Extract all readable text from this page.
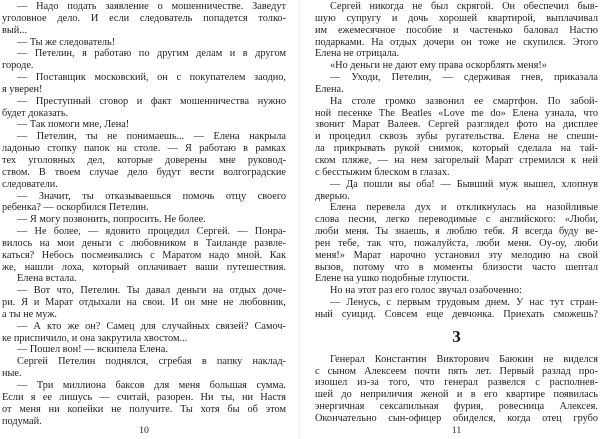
— Надо подать заявление о мошенничестве. Заведут
уголовное дело. И если следователь попадется толко-
вый...
— Ты же следователь!
— Петелин, я работаю по другим делам и в другом
городе.
— Поставщик московский, он с покупателем заодно,
я уверен!
— Преступный сговор и факт мошенничества нужно
будет доказать.
— Так помоги мне, Лена!
— Петелин, ты не понимаешь... — Елена накрыла
ладонью стопку папок на столе. — Я работаю в рамках
тех уголовных дел, которые доверены мне руковод-
ством. В твоем случае дело будут вести волгоградские
следователи.
— Значит, ты отказываешься помочь отцу своего
ребенка? — оскорбился Петелин.
— Я могу позвонить, попросить. Не более.
— Не более, — ядовито процедил Сергей. — Понра-
вилось на мои деньги с любовником в Таиланде развле-
каться? Небось посмеивались с Маратом надо мной. Как
же, нашли лоха, который оплачивает ваши путешествия.
Елена встала.
— Вот что, Петелин. Ты давал деньги на отдых доче-
ри. Я и Марат отдыхали на свои. И он мне не любовник,
а ты не муж.
— А кто же он? Самец для случайных связей? Самоч-
ке приспичило, и она закрутила хвостом...
— Пошел вон! — вскипела Елена.
Сергей Петелин поднялся, сгребая в папку наклад-
ные.
— Три миллиона баксов для меня большая сумма.
Если я ее лишусь — считай, разорен. Ни ты, ни Настя
от меня ни копейки не получите. Ты хотя бы об этом
подумай.
10
Сергей никогда не был скрягой. Он обеспечил быв-
шую супругу и дочь хорошей квартирой, выплачивал
им ежемесячное пособие и частенько баловал Настю
подарками. На отдых дочери он тоже не скупился. Этого
Елена не отрицала.
«Но деньги не дают ему права оскорблять меня!»
— Уходи, Петелин, — сдерживая гнев, приказала
Елена.
На столе громко зазвонил ее смартфон. По забой-
ной песенке The Beatles «Love me do» Елена узнала, что
звонит Марат Валеев. Сергей разглядел фото на дисплее
и процедил сквозь зубы ругательства. Елена не спеши-
ла прикрывать рукой снимок, который сделала на тай-
ском пляже, — на нем загорелый Марат стремился к ней
с бесстыжим блеском в глазах.
— Да пошли вы оба! — Бывший муж вышел, хлопнув
дверью.
Елена перевела дух и откликнулась на назойливые
слова песни, легко переводимые с английского: «Люби,
люби меня. Ты знаешь, я люблю тебя. Я всегда буду ве-
рен тебе, так что, пожалуйста, люби меня. Оу-оу, люби
меня!» Марат нарочно установил эту мелодию на свой
вызов, потому что в моменты близости часто шептал
Елене на ушко подобные глупости.
Но на этот раз его голос звучал озабоченно:
— Ленусь, с первым трудовым днем. У нас тут стран-
ный суицид. Совсем еще девчонка. Приехать сможешь?
3
Генерал Константин Викторович Баюкин не виделся
с сыном Алексеем почти пять лет. Первый разлад про-
изошел из-за того, что генерал развелся с располнев-
шей до неприличия женой и в его квартире появилась
энергичная сексапильная фурия, ровесница Алексея.
Окончательно сын-офицер обиделся, когда отец грубо
11
